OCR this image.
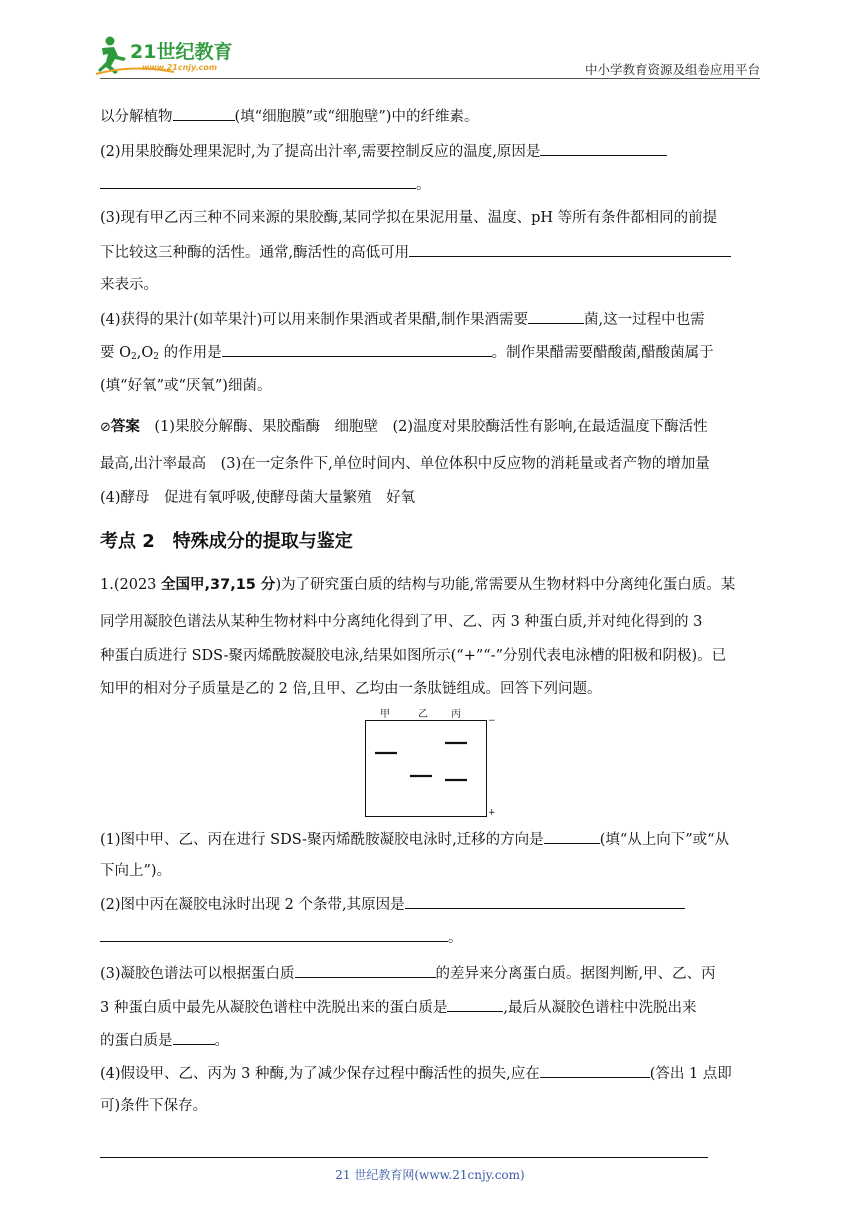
21世纪教育
www.21cnjy.com	中小学教育资源及组卷应用平台
以分解植物	(填“细胞膜”或“细胞壁”)中的纤维素。
(2)用果胶酶处理果泥时,为了提高出汁率,需要控制反应的温度,原因是
。
(3)现有甲乙丙三种不同来源的果胶酶,某同学拟在果泥用量、温度、pH 等所有条件都相同的前提
下比较这三种酶的活性。通常,酶活性的高低可用
来表示。
(4)获得的果汁(如苹果汁)可以用来制作果酒或者果醋,制作果酒需要	菌,这一过程中也需
要 $O_2,O_2$ 的作用是	。制作果醋需要醋酸菌,醋酸菌属于
(填“好氧”或“厌氧”)细菌。
⊘答案　 (1)果胶分解酶、果胶酯酶　细胞壁　(2)温度对果胶酶活性有影响,在最适温度下酶活性
最高,出汁率最高　(3)在一定条件下,单位时间内、单位体积中反应物的消耗量或者产物的增加量
(4)酵母　促进有氧呼吸,使酵母菌大量繁殖　好氧
考点 2　特殊成分的提取与鉴定
1.(2023 全国甲,37,15 分)为了研究蛋白质的结构与功能,常需要从生物材料中分离纯化蛋白质。某
同学用凝胶色谱法从某种生物材料中分离纯化得到了甲、乙、丙 3 种蛋白质,并对纯化得到的 3
种蛋白质进行 SDS-聚丙烯酰胺凝胶电泳,结果如图所示(“+”“-”分别代表电泳槽的阳极和阴极)。已
知甲的相对分子质量是乙的 2 倍,且甲、乙均由一条肽链组成。回答下列问题。
甲	乙 丙
−
+
(1)图中甲、乙、丙在进行 SDS-聚丙烯酰胺凝胶电泳时,迁移的方向是	(填“从上向下”或“从
下向上”)。
(2)图中丙在凝胶电泳时出现 2 个条带,其原因是
。
(3)凝胶色谱法可以根据蛋白质	的差异来分离蛋白质。据图判断,甲、乙、丙
3 种蛋白质中最先从凝胶色谱柱中洗脱出来的蛋白质是	,最后从凝胶色谱柱中洗脱出来
的蛋白质是	。
(4)假设甲、乙、丙为 3 种酶,为了减少保存过程中酶活性的损失,应在	(答出 1 点即
可)条件下保存。
21 世纪教育网(www.21cnjy.com)
